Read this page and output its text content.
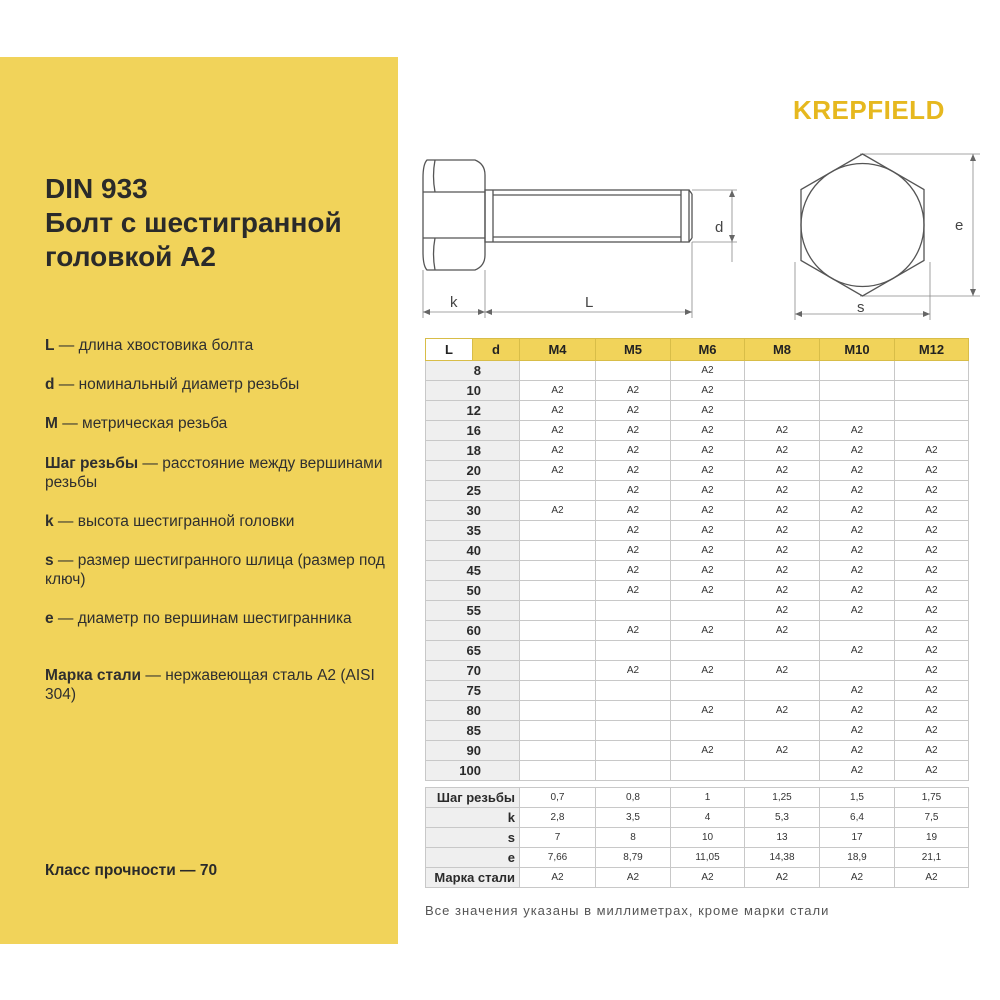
DIN 933
Болт с шестигранной
головкой А2
L — длина хвостовика болта
d — номинальный диаметр резьбы
M — метрическая резьба
Шаг резьбы — расстояние между вершинами резьбы
k — высота шестигранной головки
s — размер шестигранного шлица (размер под ключ)
e — диаметр по вершинам шестигранника
Марка стали — нержавеющая сталь А2 (AISI 304)
Класс прочности — 70
KREPFIELD
d
k	L
e
s
L	d	M4	M5	M6	M8	M10	M12
8				A2			
10		A2	A2	A2			
12		A2	A2	A2			
16		A2	A2	A2	A2	A2	
18		A2	A2	A2	A2	A2	A2
20		A2	A2	A2	A2	A2	A2
25			A2	A2	A2	A2	A2
30		A2	A2	A2	A2	A2	A2
35			A2	A2	A2	A2	A2
40			A2	A2	A2	A2	A2
45			A2	A2	A2	A2	A2
50			A2	A2	A2	A2	A2
55					A2	A2	A2
60			A2	A2	A2		A2
65						A2	A2
70			A2	A2	A2		A2
75						A2	A2
80				A2	A2	A2	A2
85						A2	A2
90				A2	A2	A2	A2
100						A2	A2
Шаг резьбы	0,7	0,8	1	1,25	1,5	1,75
k	2,8	3,5	4	5,3	6,4	7,5
s	7	8	10	13	17	19
e	7,66	8,79	11,05	14,38	18,9	21,1
Марка стали	A2	A2	A2	A2	A2	A2
Все значения указаны в миллиметрах, кроме марки стали
